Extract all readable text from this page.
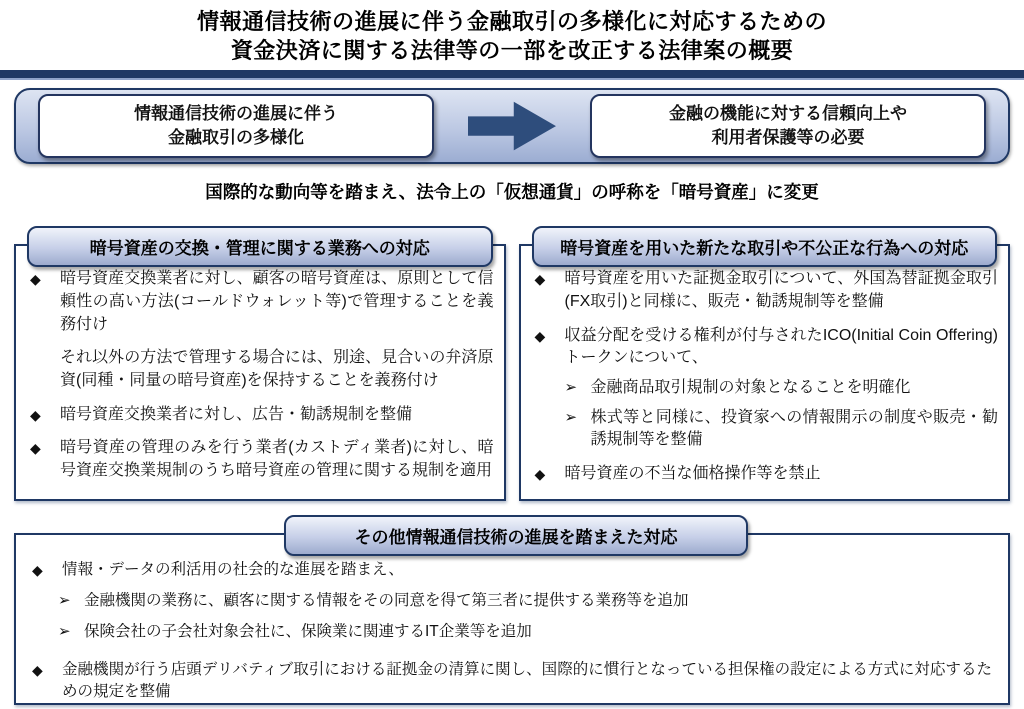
情報通信技術の進展に伴う金融取引の多様化に対応するための
資金決済に関する法律等の一部を改正する法律案の概要
情報通信技術の進展に伴う
金融取引の多様化
金融の機能に対する信頼向上や
利用者保護等の必要
国際的な動向等を踏まえ、法令上の「仮想通貨」の呼称を「暗号資産」に変更
暗号資産の交換・管理に関する業務への対応
◆	暗号資産交換業者に対し、顧客の暗号資産は、原則として信頼性の高い方法(コールドウォレット等)で管理することを義務付け
それ以外の方法で管理する場合には、別途、見合いの弁済原資(同種・同量の暗号資産)を保持することを義務付け
◆	暗号資産交換業者に対し、広告・勧誘規制を整備
◆	暗号資産の管理のみを行う業者(カストディ業者)に対し、暗号資産交換業規制のうち暗号資産の管理に関する規制を適用
暗号資産を用いた新たな取引や不公正な行為への対応
◆	暗号資産を用いた証拠金取引について、外国為替証拠金取引(FX取引)と同様に、販売・勧誘規制等を整備
◆	収益分配を受ける権利が付与されたICO(Initial Coin Offering)トークンについて、
➢ 金融商品取引規制の対象となることを明確化
➢ 株式等と同様に、投資家への情報開示の制度や販売・勧誘規制等を整備
◆	暗号資産の不当な価格操作等を禁止
その他情報通信技術の進展を踏まえた対応
◆	情報・データの利活用の社会的な進展を踏まえ、
➢ 金融機関の業務に、顧客に関する情報をその同意を得て第三者に提供する業務等を追加
➢ 保険会社の子会社対象会社に、保険業に関連するIT企業等を追加
◆	金融機関が行う店頭デリバティブ取引における証拠金の清算に関し、国際的に慣行となっている担保権の設定による方式に対応するための規定を整備
